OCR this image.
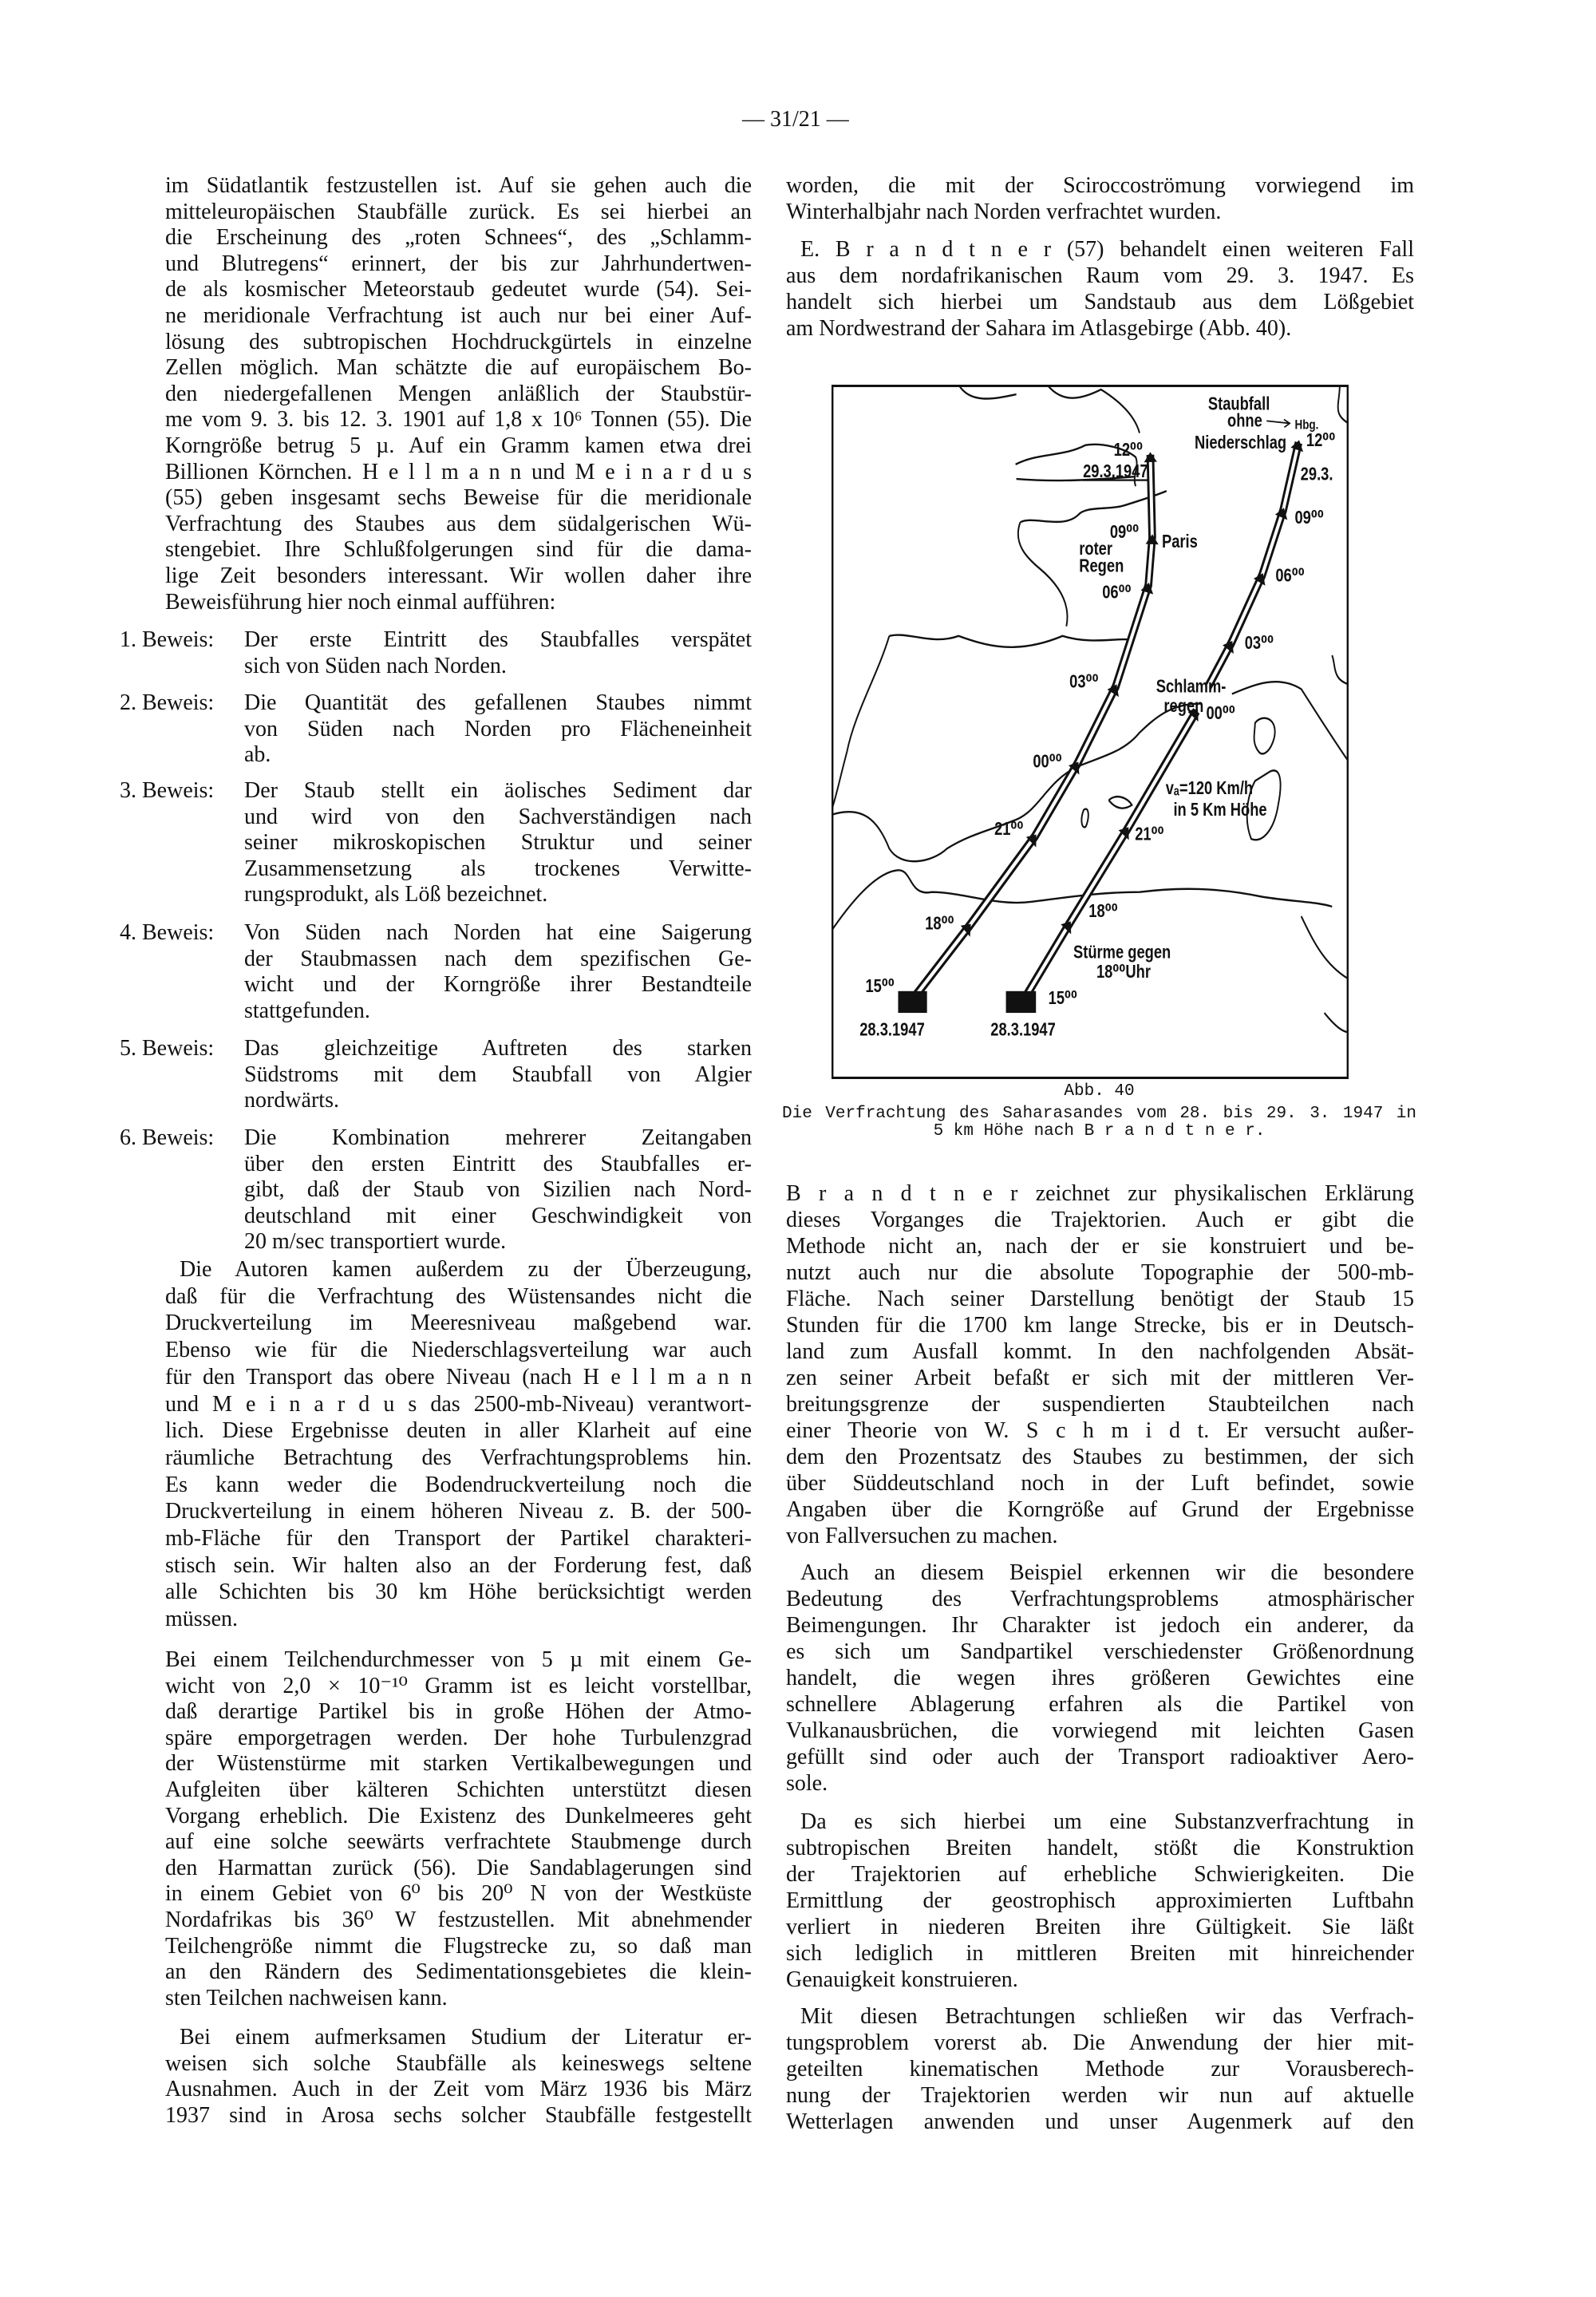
— 31/21 —
im Südatlantik festzustellen ist. Auf sie gehen auch die
mitteleuropäischen Staubfälle zurück. Es sei hierbei an
die Erscheinung des „roten Schnees“, des „Schlamm-
und Blutregens“ erinnert, der bis zur Jahrhundertwen-
de als kosmischer Meteorstaub gedeutet wurde (54). Sei-
ne meridionale Verfrachtung ist auch nur bei einer Auf-
lösung des subtropischen Hochdruckgürtels in einzelne
Zellen möglich. Man schätzte die auf europäischem Bo-
den niedergefallenen Mengen anläßlich der Staubstür-
me vom 9. 3. bis 12. 3. 1901 auf 1,8 x 10⁶ Tonnen (55). Die
Korngröße betrug 5 µ. Auf ein Gramm kamen etwa drei
Billionen Körnchen. H e l l m a n n und M e i n a r d u s
(55) geben insgesamt sechs Beweise für die meridionale
Verfrachtung des Staubes aus dem südalgerischen Wü-
stengebiet. Ihre Schlußfolgerungen sind für die dama-
lige Zeit besonders interessant. Wir wollen daher ihre
Beweisführung hier noch einmal aufführen:
1. Beweis: Der erste Eintritt des Staubfalles verspätet
sich von Süden nach Norden.
2. Beweis: Die Quantität des gefallenen Staubes nimmt
von Süden nach Norden pro Flächeneinheit
ab.
3. Beweis: Der Staub stellt ein äolisches Sediment dar
und wird von den Sachverständigen nach
seiner mikroskopischen Struktur und seiner
Zusammensetzung als trockenes Verwitte-
rungsprodukt, als Löß bezeichnet.
4. Beweis: Von Süden nach Norden hat eine Saigerung
der Staubmassen nach dem spezifischen Ge-
wicht und der Korngröße ihrer Bestandteile
stattgefunden.
5. Beweis: Das gleichzeitige Auftreten des starken
Südstroms mit dem Staubfall von Algier
nordwärts.
6. Beweis: Die Kombination mehrerer Zeitangaben
über den ersten Eintritt des Staubfalles er-
gibt, daß der Staub von Sizilien nach Nord-
deutschland mit einer Geschwindigkeit von
20 m/sec transportiert wurde.
Die Autoren kamen außerdem zu der Überzeugung,
daß für die Verfrachtung des Wüstensandes nicht die
Druckverteilung im Meeresniveau maßgebend war.
Ebenso wie für die Niederschlagsverteilung war auch
für den Transport das obere Niveau (nach H e l l m a n n
und M e i n a r d u s das 2500-mb-Niveau) verantwort-
lich. Diese Ergebnisse deuten in aller Klarheit auf eine
räumliche Betrachtung des Verfrachtungsproblems hin.
Es kann weder die Bodendruckverteilung noch die
Druckverteilung in einem höheren Niveau z. B. der 500-
mb-Fläche für den Transport der Partikel charakteri-
stisch sein. Wir halten also an der Forderung fest, daß
alle Schichten bis 30 km Höhe berücksichtigt werden
müssen.
Bei einem Teilchendurchmesser von 5 µ mit einem Ge-
wicht von 2,0 × 10⁻¹⁰ Gramm ist es leicht vorstellbar,
daß derartige Partikel bis in große Höhen der Atmo-
späre emporgetragen werden. Der hohe Turbulenzgrad
der Wüstenstürme mit starken Vertikalbewegungen und
Aufgleiten über kälteren Schichten unterstützt diesen
Vorgang erheblich. Die Existenz des Dunkelmeeres geht
auf eine solche seewärts verfrachtete Staubmenge durch
den Harmattan zurück (56). Die Sandablagerungen sind
in einem Gebiet von 6⁰ bis 20⁰ N von der Westküste
Nordafrikas bis 36⁰ W festzustellen. Mit abnehmender
Teilchengröße nimmt die Flugstrecke zu, so daß man
an den Rändern des Sedimentationsgebietes die klein-
sten Teilchen nachweisen kann.
Bei einem aufmerksamen Studium der Literatur er-
weisen sich solche Staubfälle als keineswegs seltene
Ausnahmen. Auch in der Zeit vom März 1936 bis März
1937 sind in Arosa sechs solcher Staubfälle festgestellt
worden, die mit der Sciroccoströmung vorwiegend im
Winterhalbjahr nach Norden verfrachtet wurden.
E. B r a n d t n e r (57) behandelt einen weiteren Fall
aus dem nordafrikanischen Raum vom 29. 3. 1947. Es
handelt sich hierbei um Sandstaub aus dem Lößgebiet
am Nordwestrand der Sahara im Atlasgebirge (Abb. 40).
12⁰⁰
29.3.1947
09⁰⁰
roter
Regen
06⁰⁰
Paris
03⁰⁰
00⁰⁰
21⁰⁰
18⁰⁰
15⁰⁰
28.3.1947 28.3.1947
15⁰⁰
Stürme gegen
18⁰⁰Uhr
18⁰⁰
21⁰⁰
vₐ=120 Km/h
in 5 Km Höhe
Schlamm-
regen 00⁰⁰
03⁰⁰
06⁰⁰
09⁰⁰
29.3.
12⁰⁰
Staubfall
ohne Hbg.
Niederschlag
Abb. 40
Die Verfrachtung des Saharasandes vom 28. bis 29. 3. 1947 in
5 km Höhe nach B r a n d t n e r.
B r a n d t n e r zeichnet zur physikalischen Erklärung
dieses Vorganges die Trajektorien. Auch er gibt die
Methode nicht an, nach der er sie konstruiert und be-
nutzt auch nur die absolute Topographie der 500-mb-
Fläche. Nach seiner Darstellung benötigt der Staub 15
Stunden für die 1700 km lange Strecke, bis er in Deutsch-
land zum Ausfall kommt. In den nachfolgenden Absät-
zen seiner Arbeit befaßt er sich mit der mittleren Ver-
breitungsgrenze der suspendierten Staubteilchen nach
einer Theorie von W. S c h m i d t. Er versucht außer-
dem den Prozentsatz des Staubes zu bestimmen, der sich
über Süddeutschland noch in der Luft befindet, sowie
Angaben über die Korngröße auf Grund der Ergebnisse
von Fallversuchen zu machen.
Auch an diesem Beispiel erkennen wir die besondere
Bedeutung des Verfrachtungsproblems atmosphärischer
Beimengungen. Ihr Charakter ist jedoch ein anderer, da
es sich um Sandpartikel verschiedenster Größenordnung
handelt, die wegen ihres größeren Gewichtes eine
schnellere Ablagerung erfahren als die Partikel von
Vulkanausbrüchen, die vorwiegend mit leichten Gasen
gefüllt sind oder auch der Transport radioaktiver Aero-
sole.
Da es sich hierbei um eine Substanzverfrachtung in
subtropischen Breiten handelt, stößt die Konstruktion
der Trajektorien auf erhebliche Schwierigkeiten. Die
Ermittlung der geostrophisch approximierten Luftbahn
verliert in niederen Breiten ihre Gültigkeit. Sie läßt
sich lediglich in mittleren Breiten mit hinreichender
Genauigkeit konstruieren.
Mit diesen Betrachtungen schließen wir das Verfrach-
tungsproblem vorerst ab. Die Anwendung der hier mit-
geteilten kinematischen Methode zur Vorausberech-
nung der Trajektorien werden wir nun auf aktuelle
Wetterlagen anwenden und unser Augenmerk auf den
